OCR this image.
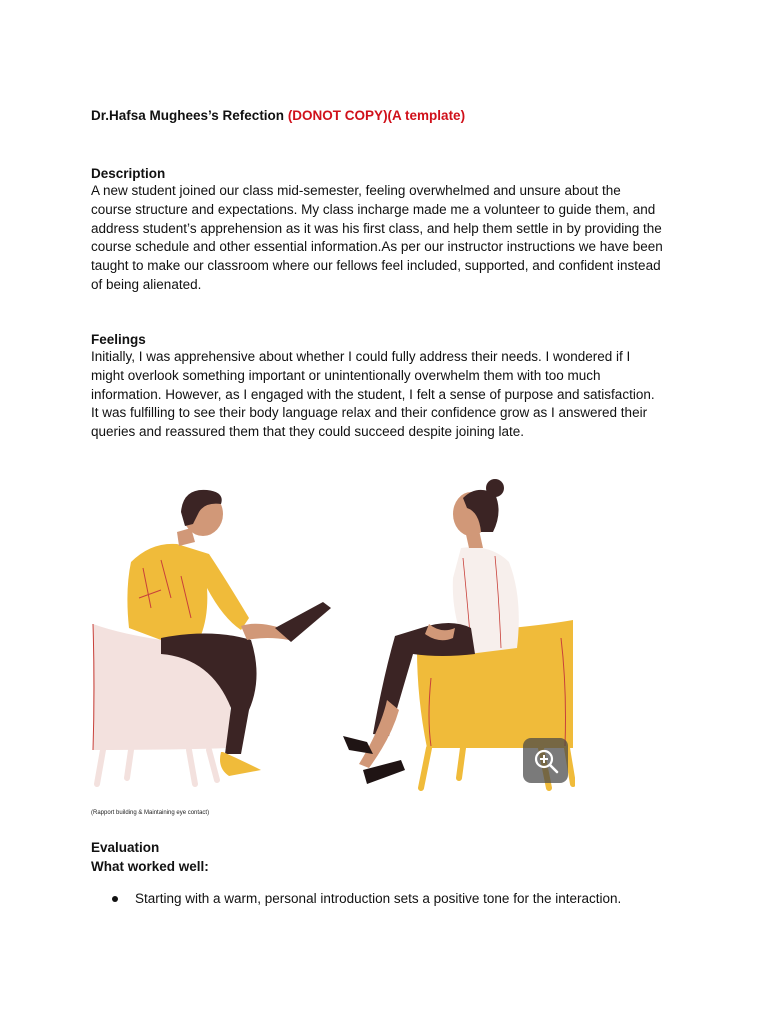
Dr.Hafsa Mughees’s Refection (DONOT COPY)(A template)
Description

A new student joined our class mid-semester, feeling overwhelmed and unsure about the
course structure and expectations. My class incharge made me a volunteer to guide them, and
address student’s apprehension as it was his first class, and help them settle in by providing the
course schedule and other essential information.As per our instructor instructions we have been
taught to make our classroom where our fellows feel included, supported, and confident instead
of being alienated.

Feelings

Initially, I was apprehensive about whether I could fully address their needs. I wondered if I
might overlook something important or unintentionally overwhelm them with too much
information. However, as I engaged with the student, I felt a sense of purpose and satisfaction.
It was fulfilling to see their body language relax and their confidence grow as I answered their
queries and reassured them that they could succeed despite joining late.

(Rapport building & Maintaining eye contact)
Evaluation
What worked well:
Starting with a warm, personal introduction sets a positive tone for the interaction.
